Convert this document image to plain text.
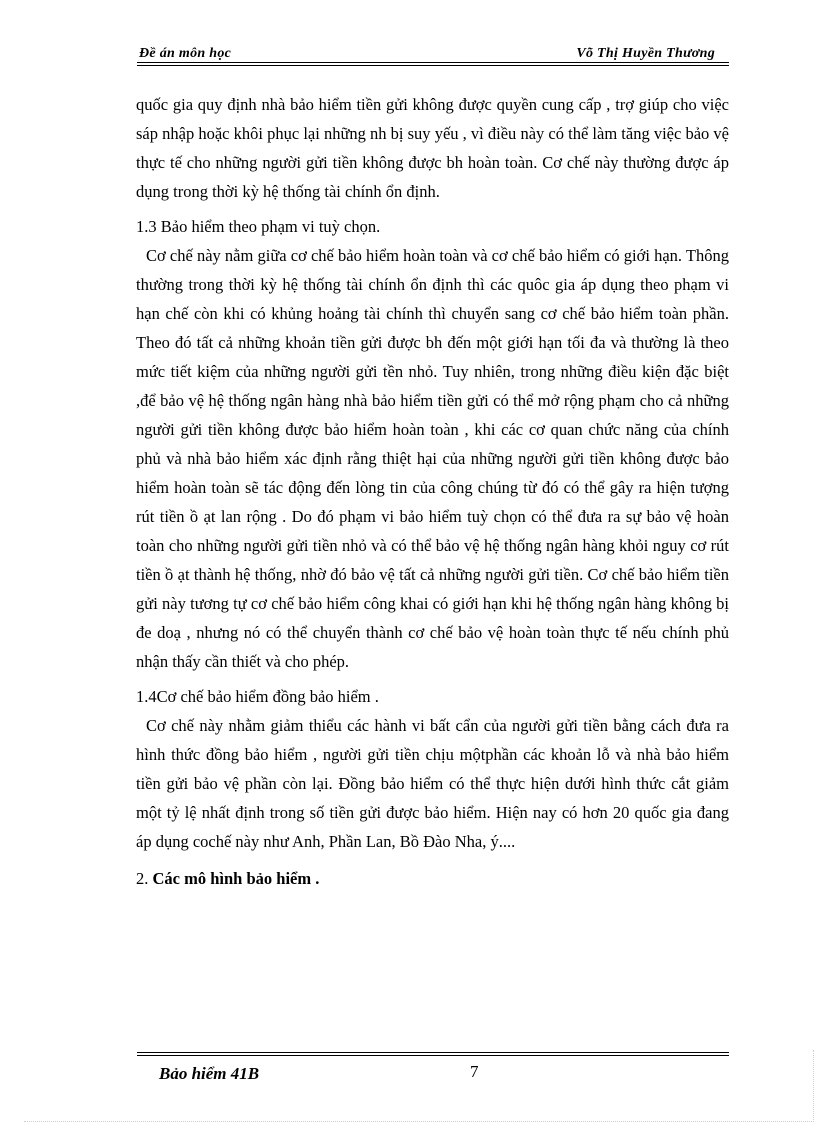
Đề án môn học	Võ Thị Huyền Thương

quốc gia quy định nhà bảo hiểm tiền gửi không được quyền cung cấp , trợ giúp cho việc sáp nhập hoặc khôi phục lại những nh bị suy yếu , vì điều này có thể làm tăng việc bảo vệ thực tế cho những người gửi tiền không được bh hoàn toàn. Cơ chế này thường được áp dụng trong thời kỳ hệ thống tài chính ổn định.

1.3 Bảo hiểm theo phạm vi tuỳ chọn.

Cơ chế này nằm giữa cơ chế bảo hiểm hoàn toàn và cơ chế bảo hiểm có giới hạn. Thông thường trong thời kỳ hệ thống tài chính ổn định thì các quôc gia áp dụng theo phạm vi hạn chế còn khi có khủng hoảng tài chính thì chuyển sang cơ chế bảo hiểm toàn phần. Theo đó tất cả những khoản tiền gửi được bh đến một giới hạn tối đa và thường là theo mức tiết kiệm của những người gửi tền nhỏ. Tuy nhiên, trong những điều kiện đặc biệt ,để bảo vệ hệ thống ngân hàng nhà bảo hiểm tiền gửi có thể mở rộng phạm cho cả những người gửi tiền không được bảo hiểm hoàn toàn , khi các cơ quan chức năng của chính phủ và nhà bảo hiểm xác định rằng thiệt hại của những người gửi tiền không được bảo hiểm hoàn toàn sẽ tác động đến lòng tin của công chúng từ đó có thể gây ra hiện tượng rút tiền ồ ạt lan rộng . Do đó phạm vi bảo hiểm tuỳ chọn có thể đưa ra sự bảo vệ hoàn toàn cho những người gửi tiền nhỏ và có thể bảo vệ hệ thống ngân hàng khỏi nguy cơ rút tiền ồ ạt thành hệ thống, nhờ đó bảo vệ tất cả những người gửi tiền. Cơ chế bảo hiểm tiền gửi này tương tự cơ chế bảo hiểm công khai có giới hạn khi hệ thống ngân hàng không bị đe doạ , nhưng nó có thể chuyển thành cơ chế bảo vệ hoàn toàn thực tế nếu chính phủ nhận thấy cần thiết và cho phép.

1.4Cơ chế bảo hiểm đồng bảo hiểm .

Cơ chế này nhằm giảm thiểu các hành vi bất cẩn của người gửi tiền bằng cách đưa ra hình thức đồng bảo hiểm , người gửi tiền chịu mộtphần các khoản lỗ và nhà bảo hiểm tiền gửi bảo vệ phần còn lại. Đồng bảo hiểm có thể thực hiện dưới hình thức cắt giảm một tỷ lệ nhất định trong số tiền gửi được bảo hiểm. Hiện nay có hơn 20 quốc gia đang áp dụng cochế này như Anh, Phần Lan, Bồ Đào Nha, ý....

2. Các mô hình bảo hiểm .

Bảo hiểm 41B	7
